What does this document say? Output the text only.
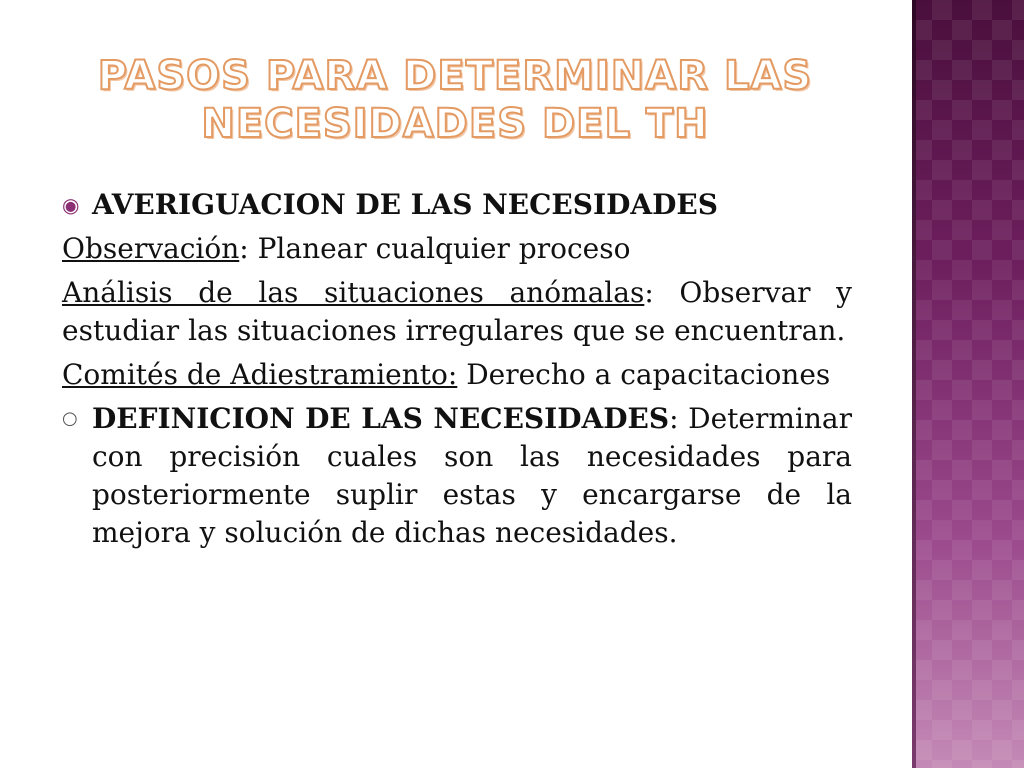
PASOS PARA DETERMINAR LAS
NECESIDADES DEL TH
◉ AVERIGUACION DE LAS NECESIDADES

Observación: Planear cualquier proceso

Análisis de las situaciones anómalas: Observar y estudiar las situaciones irregulares que se encuentran.

Comités de Adiestramiento: Derecho a capacitaciones

○ DEFINICION DE LAS NECESIDADES: Determinar con precisión cuales son las necesidades para posteriormente suplir estas y encargarse de la mejora y solución de dichas necesidades.
